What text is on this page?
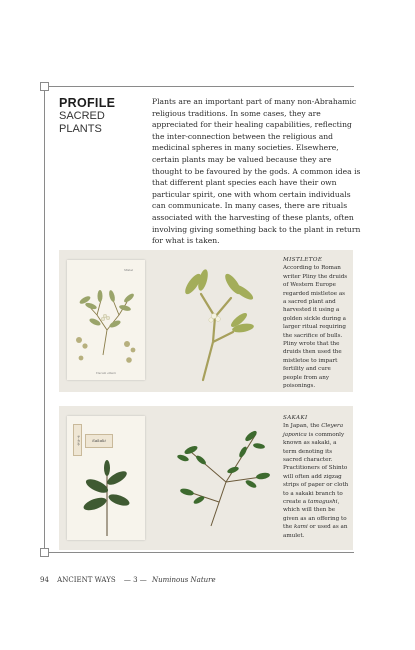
PROFILE
SACRED
PLANTS
Plants are an important part of many non-Abrahamic religious traditions. In some cases, they are appreciated for their healing capabilities, reflecting the inter-connection between the religious and medicinal spheres in many societies. Elsewhere, certain plants may be valued because they are thought to be favoured by the gods. A common idea is that different plant species each have their own particular spirit, one with whom certain individuals can communicate. In many cases, there are rituals associated with the harvesting of these plants, often involving giving something back to the plant in return for what is taken.
Mistel
Viscum album
MISTLETOE
According to Roman writer Pliny the druids of Western Europe regarded mistletoe as a sacred plant and harvested it using a golden sickle during a larger ritual requiring the sacrifice of bulls. Pliny wrote that the druids then used the mistletoe to impart fertility and cure people from any poisonings.
サカキ	Sakaki
SAKAKI
In Japan, the Cleyera japonica is commonly known as sakaki, a term denoting its sacred character. Practitioners of Shinto will often add zigzag strips of paper or cloth to a sakaki branch to create a tamagushi, which will then be given as an offering to the kami or used as an amulet.
94 ANCIENT WAYS — 3 — Numinous Nature
